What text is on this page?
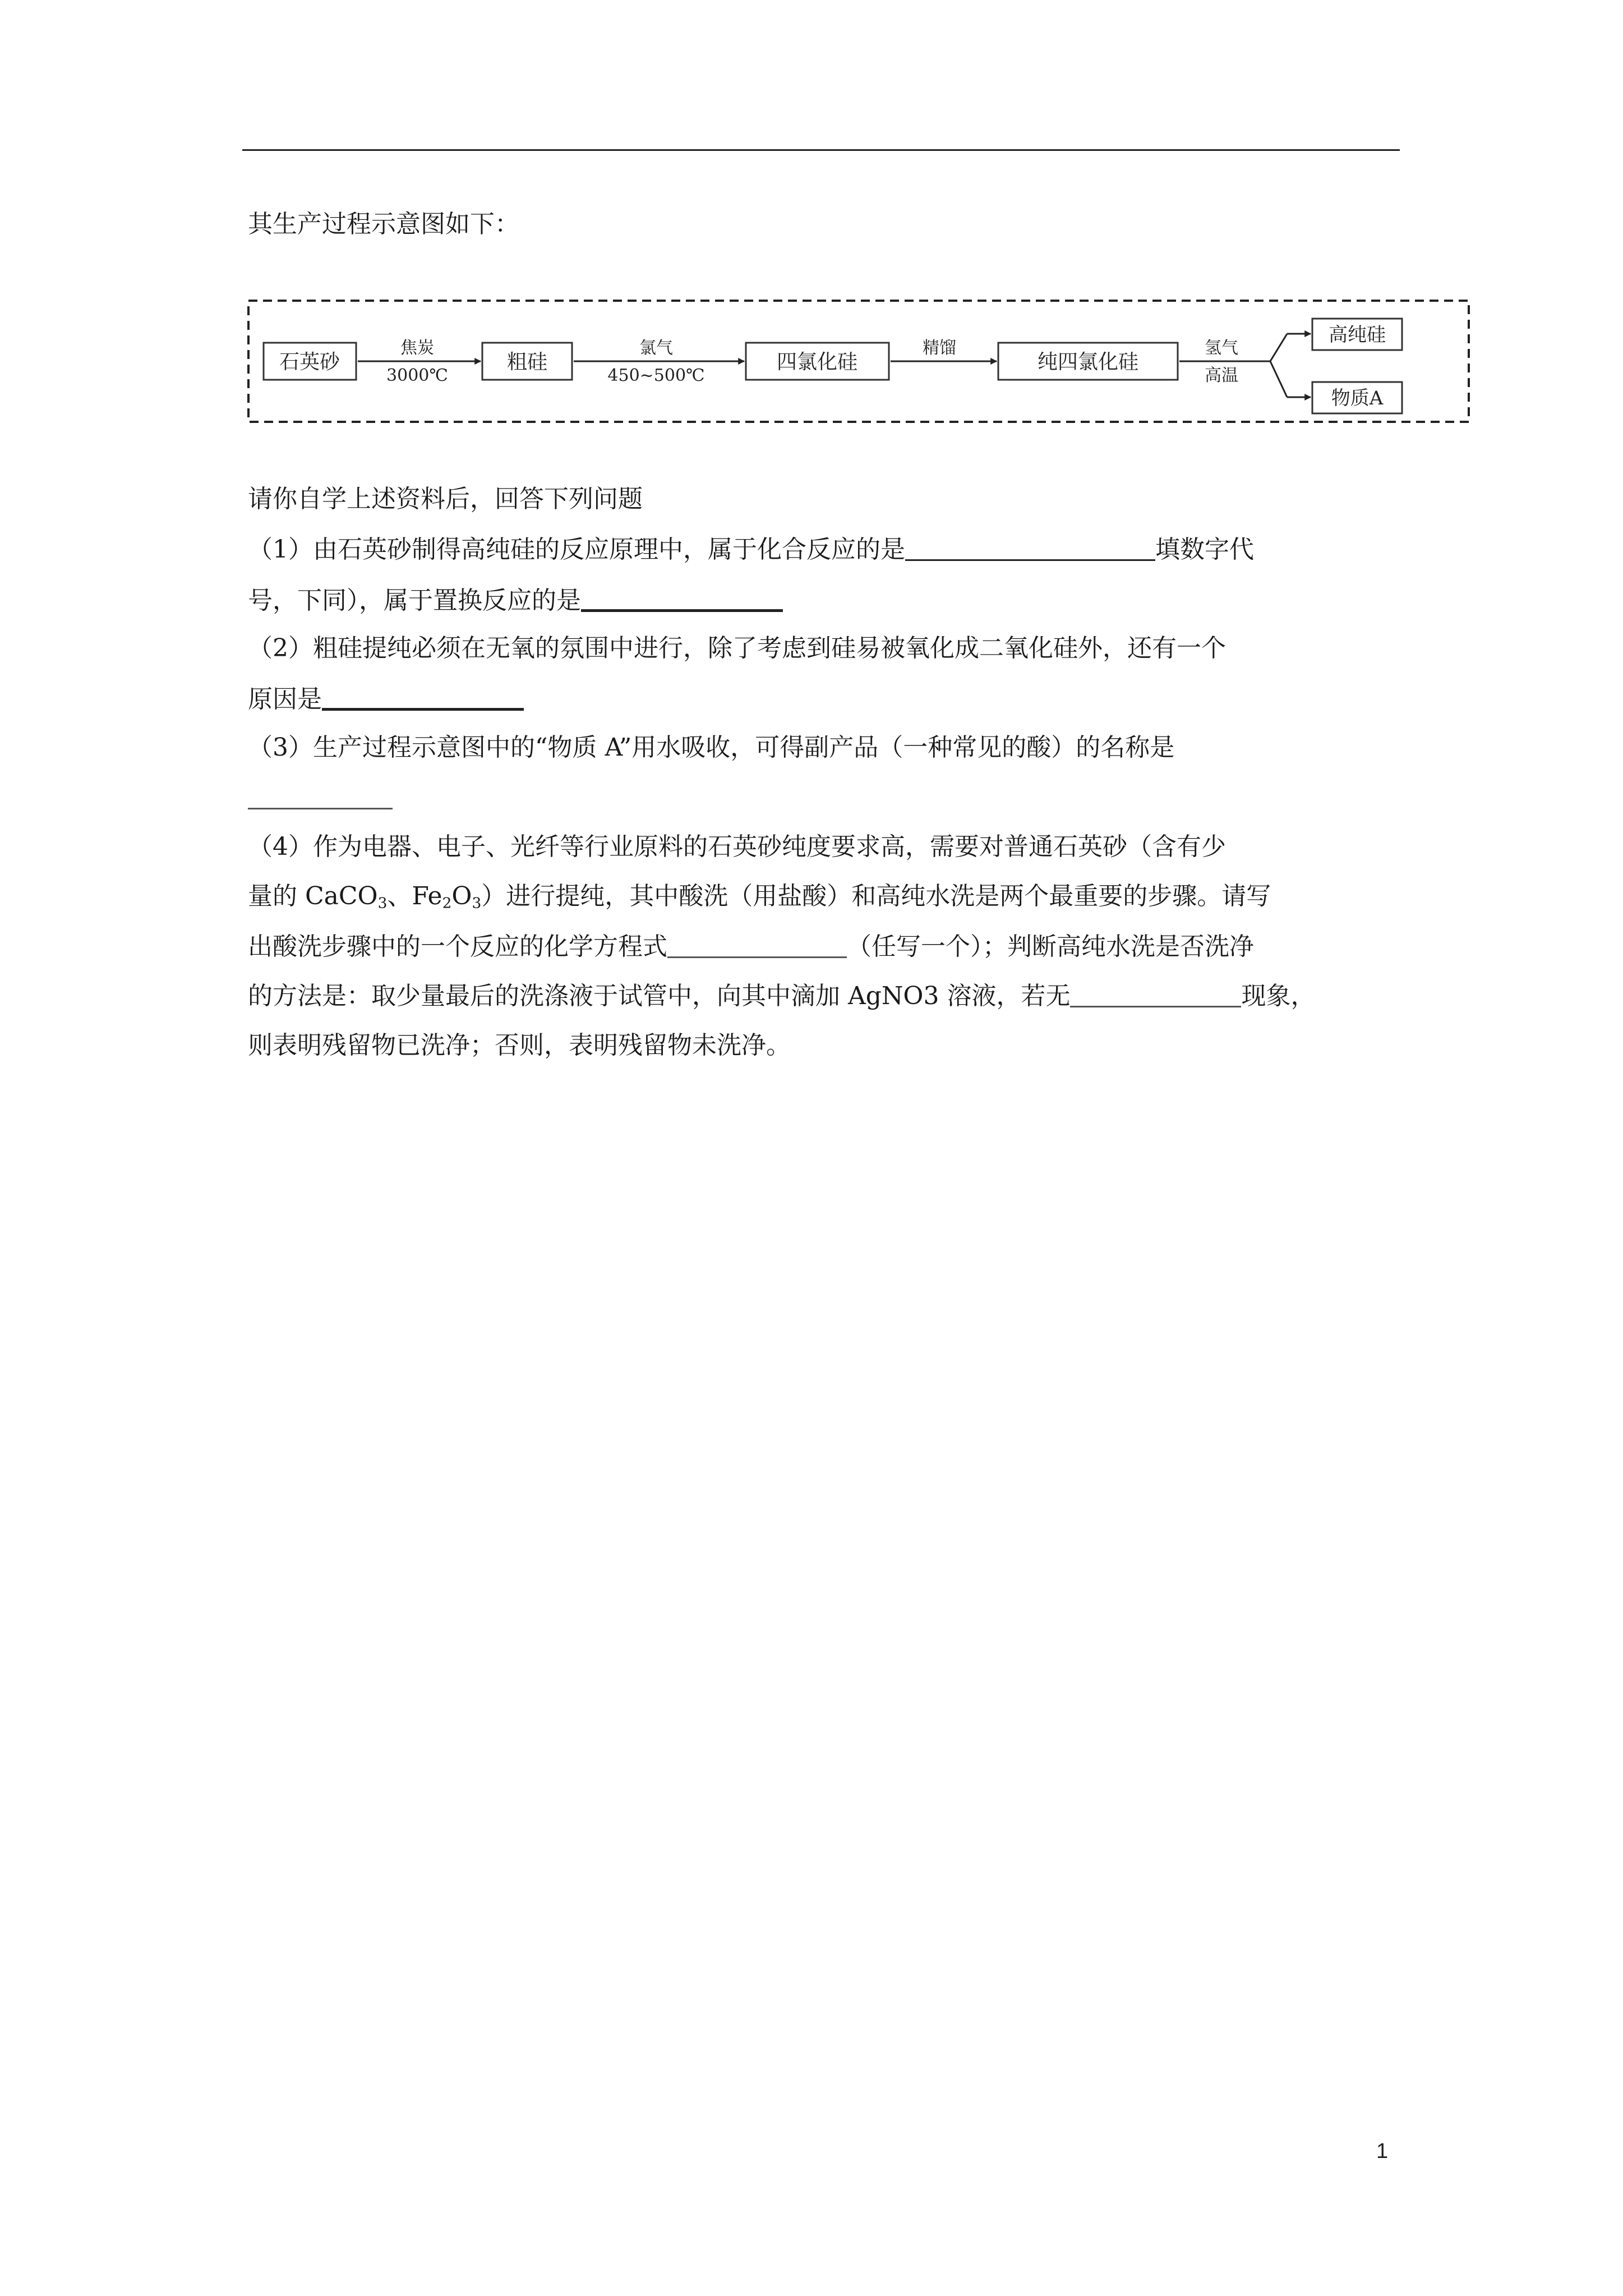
其生产过程示意图如下：
石英砂
焦炭
3000℃
粗硅
氯气
450~500℃
四氯化硅
精馏
纯四氯化硅
氢气
高温
高纯硅
物质A
请你自学上述资料后，回答下列问题
（1）由石英砂制得高纯硅的反应原理中，属于化合反应的是	填数字代
号，下同），属于置换反应的是
（2）粗硅提纯必须在无氧的氛围中进行，除了考虑到硅易被氧化成二氧化硅外，还有一个
原因是
（3）生产过程示意图中的“物质 A”用水吸收，可得副产品（一种常见的酸）的名称是
（4）作为电器、电子、光纤等行业原料的石英砂纯度要求高，需要对普通石英砂（含有少
量的 CaCO$_3$、$Fe_2O_3$）进行提纯，其中酸洗（用盐酸）和高纯水洗是两个最重要的步骤。请写
出酸洗步骤中的一个反应的化学方程式	（任写一个）；判断高纯水洗是否洗净
的方法是：取少量最后的洗涤液于试管中，向其中滴加 AgNO3 溶液，若无	现象，
则表明残留物已洗净；否则，表明残留物未洗净。
1
